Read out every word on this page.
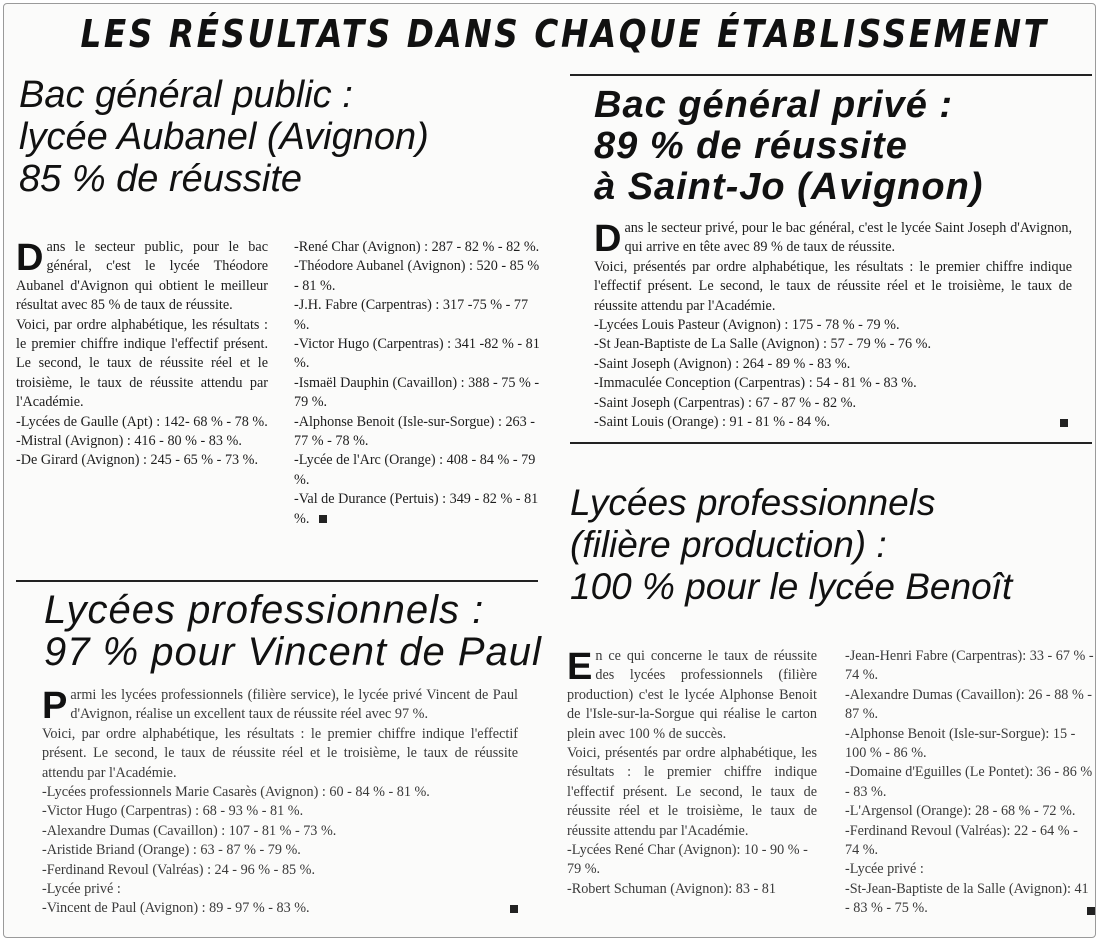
LES RÉSULTATS DANS CHAQUE ÉTABLISSEMENT
Bac général public :
lycée Aubanel (Avignon)
85 % de réussite

D ans le secteur public, pour le bac général, c'est le lycée Théodore Aubanel d'Avignon qui obtient le meilleur résultat avec 85 % de taux de réussite.

Voici, par ordre alphabétique, les résultats : le premier chiffre indique l'effectif présent. Le second, le taux de réussite réel et le troisième, le taux de réussite attendu par l'Académie.

-Lycées de Gaulle (Apt) : 142- 68 % - 78 %.

-Mistral (Avignon) : 416 - 80 % - 83 %.

-De Girard (Avignon) : 245 - 65 % - 73 %.

-René Char (Avignon) : 287 - 82 % - 82 %.

-Théodore Aubanel (Avignon) : 520 - 85 % - 81 %.

-J.H. Fabre (Carpentras) : 317 -75 % - 77 %.

-Victor Hugo (Carpentras) : 341 -82 % - 81 %.

-Ismaël Dauphin (Cavaillon) : 388 - 75 % - 79 %.

-Alphonse Benoit (Isle-sur-Sorgue) : 263 - 77 % - 78 %.

-Lycée de l'Arc (Orange) : 408 - 84 % - 79 %.

-Val de Durance (Pertuis) : 349 - 82 % - 81 %.

Bac général privé :
89 % de réussite
à Saint-Jo (Avignon)

D ans le secteur privé, pour le bac général, c'est le lycée Saint Joseph d'Avignon, qui arrive en tête avec 89 % de taux de réussite.

Voici, présentés par ordre alphabétique, les résultats : le premier chiffre indique l'effectif présent. Le second, le taux de réussite réel et le troisième, le taux de réussite attendu par l'Académie.

-Lycées Louis Pasteur (Avignon) : 175 - 78 % - 79 %.

-St Jean-Baptiste de La Salle (Avignon) : 57 - 79 % - 76 %.

-Saint Joseph (Avignon) : 264 - 89 % - 83 %.

-Immaculée Conception (Carpentras) : 54 - 81 % - 83 %.

-Saint Joseph (Carpentras) : 67 - 87 % - 82 %.

-Saint Louis (Orange) : 91 - 81 % - 84 %.

Lycées professionnels :
97 % pour Vincent de Paul

P armi les lycées professionnels (filière service), le lycée privé Vincent de Paul d'Avignon, réalise un excellent taux de réussite réel avec 97 %.

Voici, par ordre alphabétique, les résultats : le premier chiffre indique l'effectif présent. Le second, le taux de réussite réel et le troisième, le taux de réussite attendu par l'Académie.

-Lycées professionnels Marie Casarès (Avignon) : 60 - 84 % - 81 %.

-Victor Hugo (Carpentras) : 68 - 93 % - 81 %.

-Alexandre Dumas (Cavaillon) : 107 - 81 % - 73 %.

-Aristide Briand (Orange) : 63 - 87 % - 79 %.

-Ferdinand Revoul (Valréas) : 24 - 96 % - 85 %.

-Lycée privé :

-Vincent de Paul (Avignon) : 89 - 97 % - 83 %.

Lycées professionnels
(filière production) :
100 % pour le lycée Benoît

E n ce qui concerne le taux de réussite des lycées professionnels (filière production) c'est le lycée Alphonse Benoit de l'Isle-sur-la-Sorgue qui réalise le carton plein avec 100 % de succès.

Voici, présentés par ordre alphabétique, les résultats : le premier chiffre indique l'effectif présent. Le second, le taux de réussite réel et le troisième, le taux de réussite attendu par l'Académie.

-Lycées René Char (Avignon): 10 - 90 % - 79 %.

-Robert Schuman (Avignon): 83 - 81

-Jean-Henri Fabre (Carpentras): 33 - 67 % - 74 %.

-Alexandre Dumas (Cavaillon): 26 - 88 % - 87 %.

-Alphonse Benoit (Isle-sur-Sorgue): 15 - 100 % - 86 %.

-Domaine d'Eguilles (Le Pontet): 36 - 86 % - 83 %.

-L'Argensol (Orange): 28 - 68 % - 72 %.

-Ferdinand Revoul (Valréas): 22 - 64 % - 74 %.

-Lycée privé :

-St-Jean-Baptiste de la Salle (Avignon): 41 - 83 % - 75 %.
